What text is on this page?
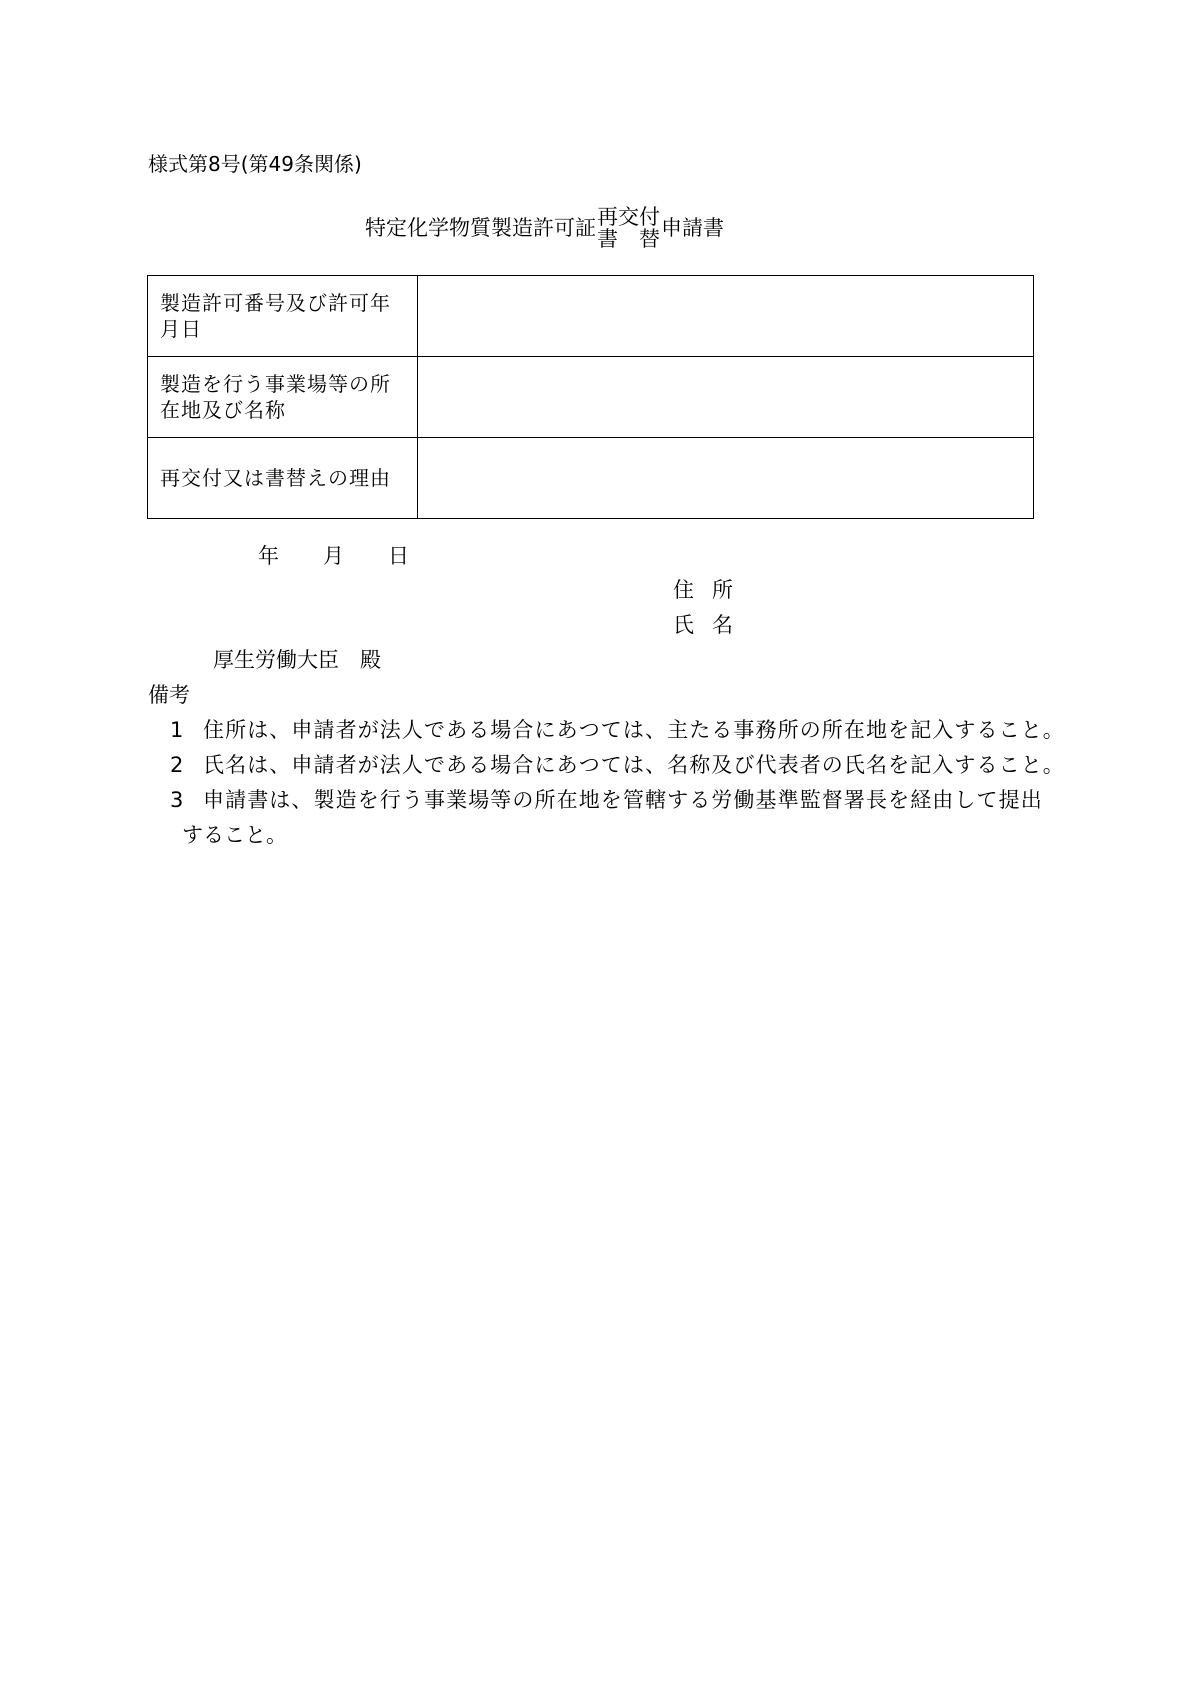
様式第8号(第49条関係)
特定化学物質製造許可証 再交付
書 替 申請書
製造許可番号及び許可年月日	
製造を行う事業場等の所在地及び名称	
再交付又は書替えの理由	
年 月 日
住所
氏名
厚生労働大臣　殿
備考
1 住所は、申請者が法人である場合にあつては、主たる事務所の所在地を記入すること。
2 氏名は、申請者が法人である場合にあつては、名称及び代表者の氏名を記入すること。
3 申請書は、製造を行う事業場等の所在地を管轄する労働基準監督署長を経由して提出
すること。
